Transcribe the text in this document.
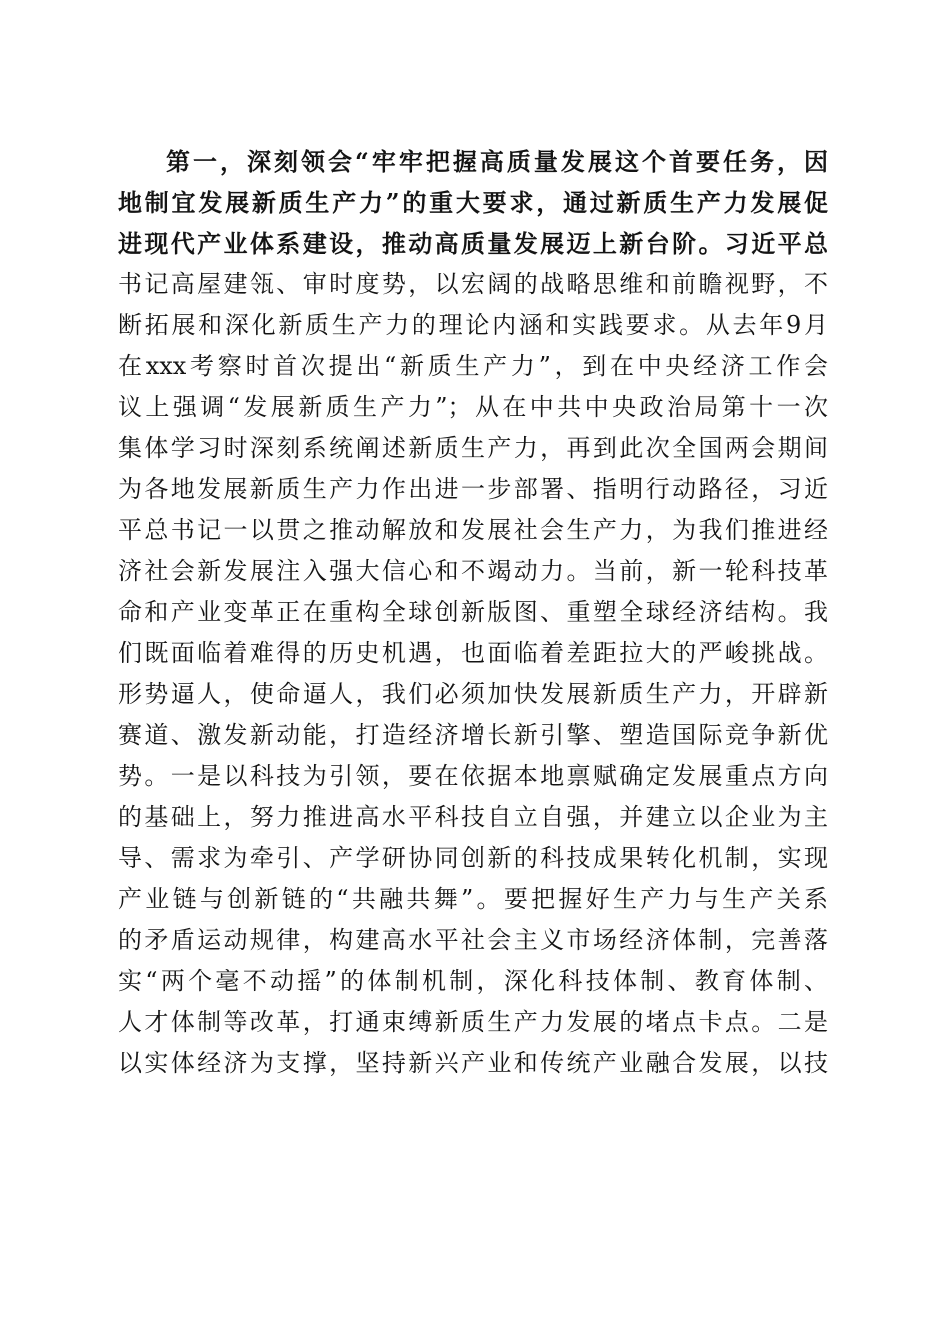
第一，深刻领会“牢牢把握高质量发展这个首要任务，因
地制宜发展新质生产力”的重大要求，通过新质生产力发展促
进现代产业体系建设，推动高质量发展迈上新台阶。习近平总
书记高屋建瓴、审时度势，以宏阔的战略思维和前瞻视野，不
断拓展和深化新质生产力的理论内涵和实践要求。从去年9月
在xxx考察时首次提出“新质生产力”，到在中央经济工作会
议上强调“发展新质生产力”；从在中共中央政治局第十一次
集体学习时深刻系统阐述新质生产力，再到此次全国两会期间
为各地发展新质生产力作出进一步部署、指明行动路径，习近
平总书记一以贯之推动解放和发展社会生产力，为我们推进经
济社会新发展注入强大信心和不竭动力。当前，新一轮科技革
命和产业变革正在重构全球创新版图、重塑全球经济结构。我
们既面临着难得的历史机遇，也面临着差距拉大的严峻挑战。
形势逼人，使命逼人，我们必须加快发展新质生产力，开辟新
赛道、激发新动能，打造经济增长新引擎、塑造国际竞争新优
势。一是以科技为引领，要在依据本地禀赋确定发展重点方向
的基础上，努力推进高水平科技自立自强，并建立以企业为主
导、需求为牵引、产学研协同创新的科技成果转化机制，实现
产业链与创新链的“共融共舞”。要把握好生产力与生产关系
的矛盾运动规律，构建高水平社会主义市场经济体制，完善落
实“两个毫不动摇”的体制机制，深化科技体制、教育体制、
人才体制等改革，打通束缚新质生产力发展的堵点卡点。二是
以实体经济为支撑，坚持新兴产业和传统产业融合发展，以技
